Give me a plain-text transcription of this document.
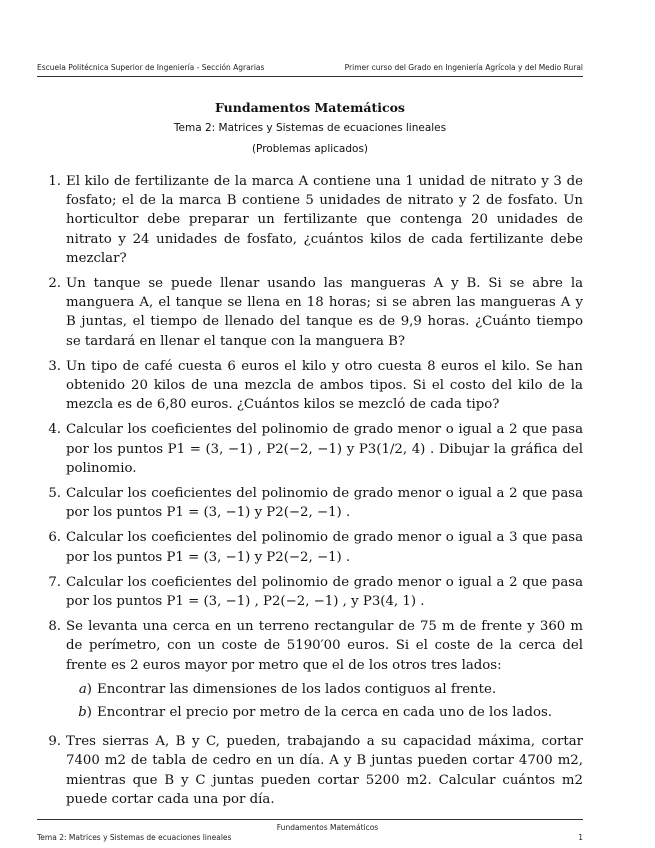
Escuela Politécnica Superior de Ingeniería - Sección Agrarias	Primer curso del Grado en Ingeniería Agrícola y del Medio Rural
Fundamentos Matemáticos
Tema 2: Matrices y Sistemas de ecuaciones lineales
(Problemas aplicados)
1. El kilo de fertilizante de la marca A contiene una 1 unidad de nitrato y 3 de fosfato; el de la marca B contiene 5 unidades de nitrato y 2 de fosfato. Un horticultor debe preparar un fertilizante que contenga 20 unidades de nitrato y 24 unidades de fosfato, ¿cuántos kilos de cada fertilizante debe mezclar?
2. Un tanque se puede llenar usando las mangueras A y B. Si se abre la manguera A, el tanque se llena en 18 horas; si se abren las mangueras A y B juntas, el tiempo de llenado del tanque es de 9,9 horas. ¿Cuánto tiempo se tardará en llenar el tanque con la manguera B?
3. Un tipo de café cuesta 6 euros el kilo y otro cuesta 8 euros el kilo. Se han obtenido 20 kilos de una mezcla de ambos tipos. Si el costo del kilo de la mezcla es de 6,80 euros. ¿Cuántos kilos se mezcló de cada tipo?
4. Calcular los coeficientes del polinomio de grado menor o igual a 2 que pasa por los puntos P1 = (3, −1) , P2(−2, −1) y P3(1/2, 4) . Dibujar la gráfica del polinomio.
5. Calcular los coeficientes del polinomio de grado menor o igual a 2 que pasa por los puntos P1 = (3, −1) y P2(−2, −1) .
6. Calcular los coeficientes del polinomio de grado menor o igual a 3 que pasa por los puntos P1 = (3, −1) y P2(−2, −1) .
7. Calcular los coeficientes del polinomio de grado menor o igual a 2 que pasa por los puntos P1 = (3, −1) , P2(−2, −1) , y P3(4, 1) .
8. Se levanta una cerca en un terreno rectangular de 75 m de frente y 360 m de perímetro, con un coste de 5190′00 euros. Si el coste de la cerca del frente es 2 euros mayor por metro que el de los otros tres lados:
a) Encontrar las dimensiones de los lados contiguos al frente.
b) Encontrar el precio por metro de la cerca en cada uno de los lados.
9. Tres sierras A, B y C, pueden, trabajando a su capacidad máxima, cortar 7400 m2 de tabla de cedro en un día. A y B juntas pueden cortar 4700 m2, mientras que B y C juntas pueden cortar 5200 m2. Calcular cuántos m2 puede cortar cada una por día.
Fundamentos Matemáticos
Tema 2: Matrices y Sistemas de ecuaciones lineales	1
